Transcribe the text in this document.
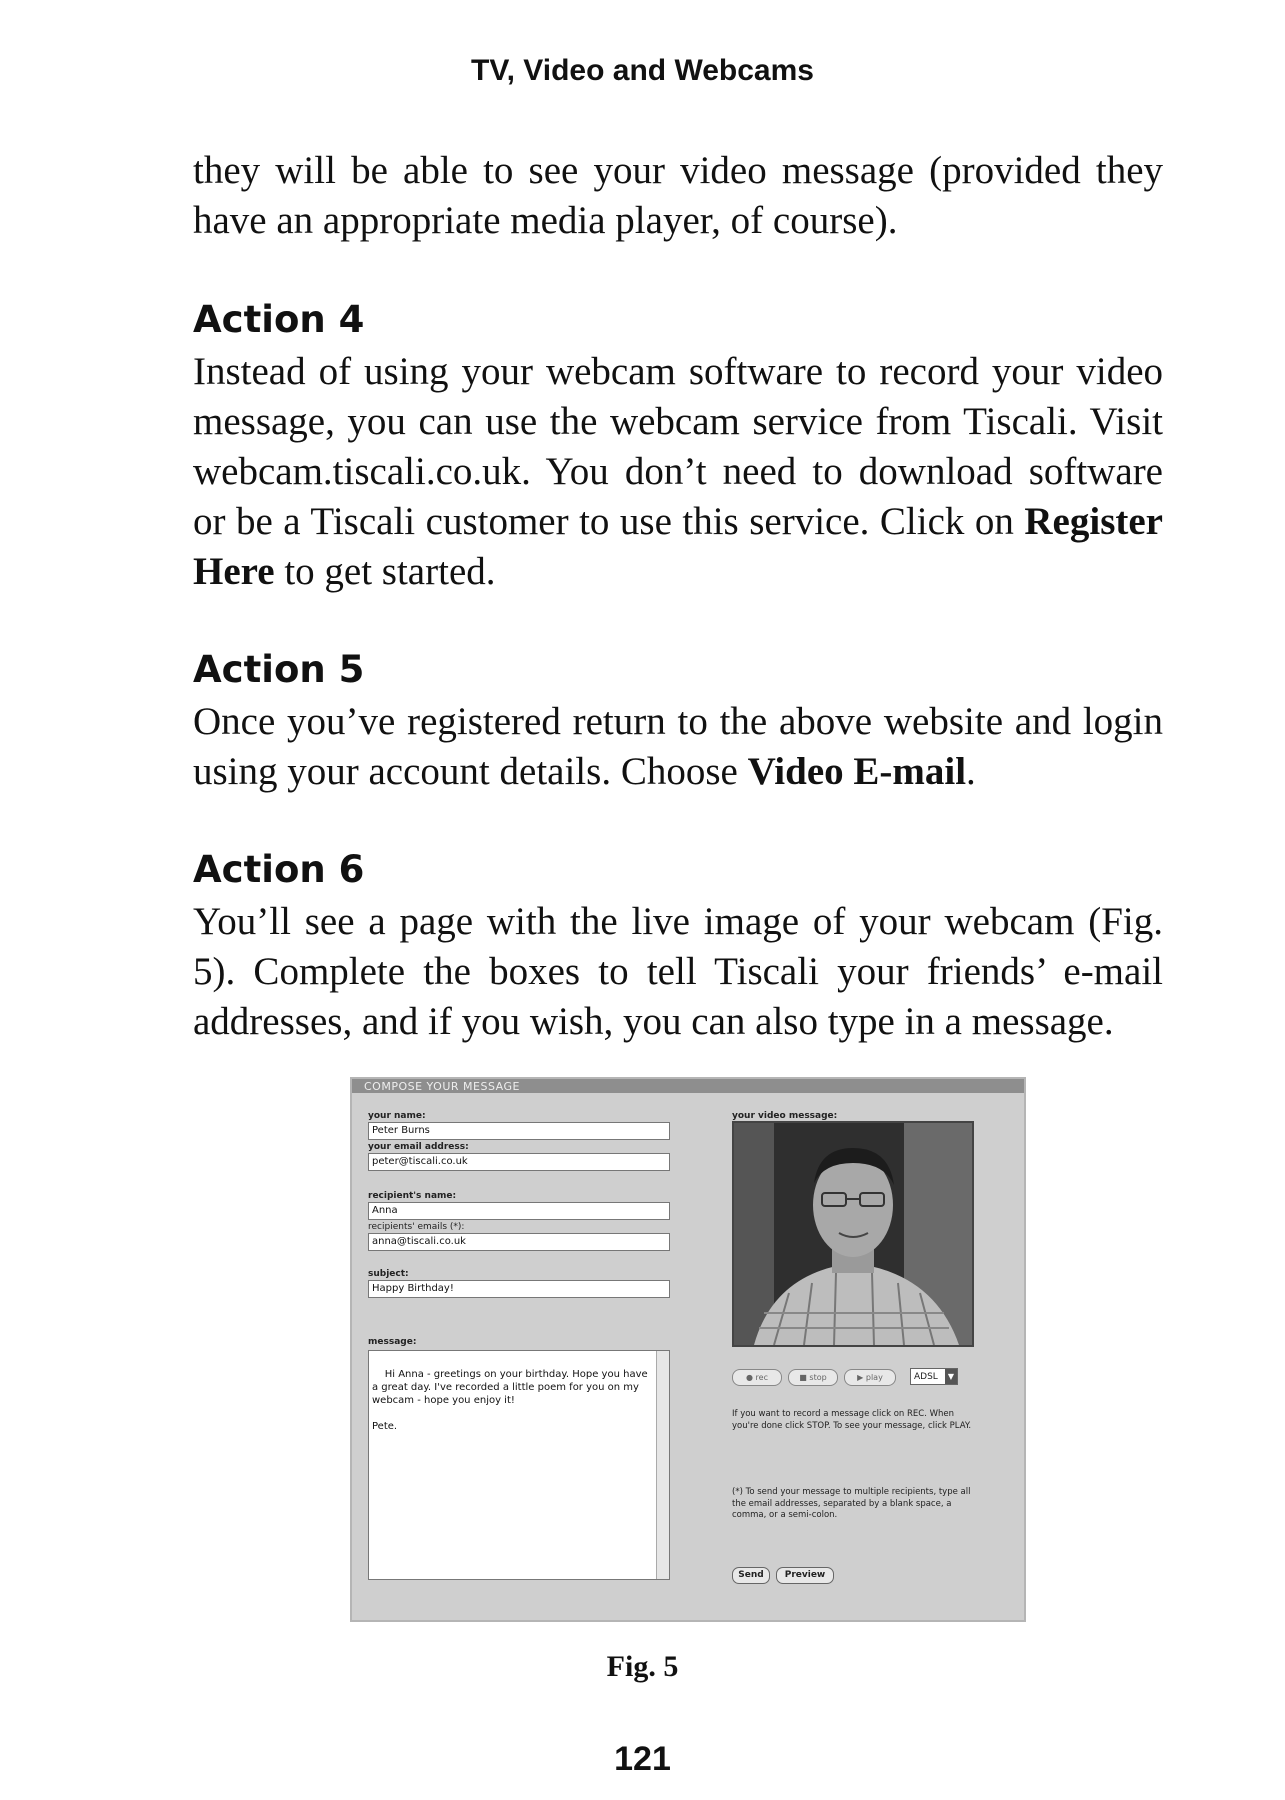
TV, Video and Webcams

they will be able to see your video message (provided they have an appropriate media player, of course).

Action 4

Instead of using your webcam software to record your video message, you can use the webcam service from Tiscali. Visit webcam.tiscali.co.uk. You don’t need to download software or be a Tiscali customer to use this service. Click on Register Here to get started.

Action 5

Once you’ve registered return to the above website and login using your account details. Choose Video E-mail.

Action 6

You’ll see a page with the live image of your webcam (Fig. 5). Complete the boxes to tell Tiscali your friends’ e-mail addresses, and if you wish, you can also type in a message.

COMPOSE YOUR MESSAGE
your name:
Peter Burns
your email address:
peter@tiscali.co.uk
recipient's name:
Anna
recipients' emails (*):
anna@tiscali.co.uk
subject:
Happy Birthday!
message:

Hi Anna - greetings on your birthday. Hope you have a great day. I've recorded a little poem for you on my webcam - hope you enjoy it!

Pete.

your video message:
● rec	■ stop	▶ play	ADSL	▼
If you want to record a message click on REC. When you're done click STOP. To see your message, click PLAY.
(*) To send your message to multiple recipients, type all the email addresses, separated by a blank space, a comma, or a semi-colon.
Send	Preview
Fig. 5
121
